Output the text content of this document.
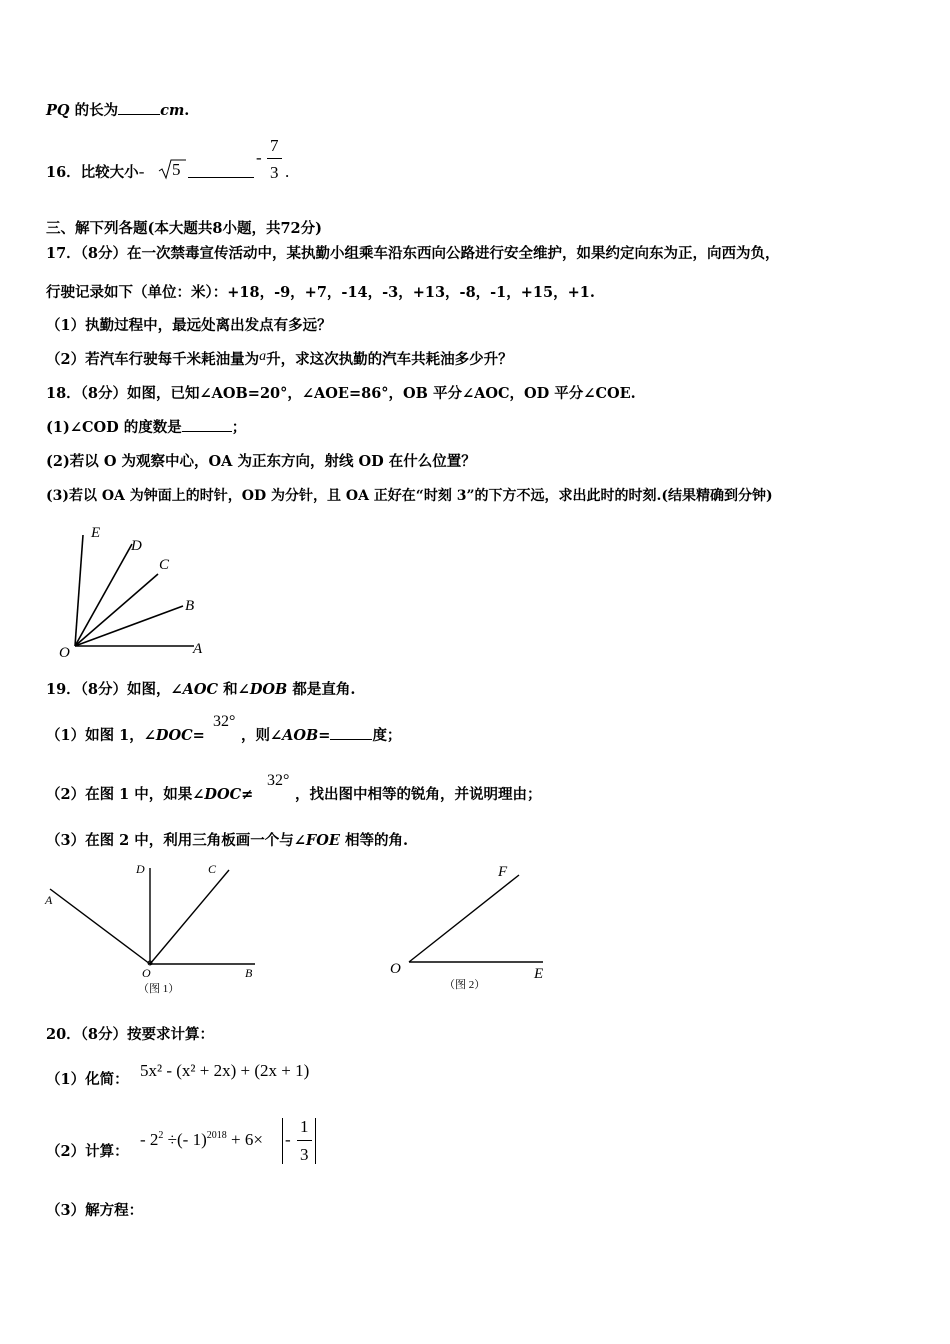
PQ 的长为	cm.
16．比较大小- 5
-
7
3 .
三、解下列各题(本大题共8小题，共72分)
17．（8分）在一次禁毒宣传活动中，某执勤小组乘车沿东西向公路进行安全维护，如果约定向东为正，向西为负，
行驶记录如下（单位：米）：+18，-9，+7，-14，-3，+13，-8，-1，+15，+1.
（1）执勤过程中，最远处离出发点有多远？
（2）若汽车行驶每千米耗油量为a升，求这次执勤的汽车共耗油多少升？
18．（8分）如图，已知∠AOB=20°，∠AOE=86°，OB 平分∠AOC，OD 平分∠COE.
(1)∠COD 的度数是	；
(2)若以 O 为观察中心，OA 为正东方向，射线 OD 在什么位置？
(3)若以 OA 为钟面上的时针，OD 为分针，且 OA 正好在“时刻 3”的下方不远，求出此时的时刻.(结果精确到分钟)
E
D
C
B
O	A
19．（8分）如图，∠AOC 和∠DOB 都是直角.
（1）如图 1，∠DOC=
32°
，则∠AOB=	度；
（2）在图 1 中，如果∠DOC≠
32°
，找出图中相等的锐角，并说明理由；
（3）在图 2 中，利用三角板画一个与∠FOE 相等的角.
A
D	C
O	B
（图 1）
F
O	E
（图 2）
20．（8分）按要求计算：
（1）化简： 5x² - (x² + 2x) + (2x + 1)
（2）计算：
- $2^2$ ÷(- 1)$^{2018}$ + 6× -
1
3
（3）解方程：
